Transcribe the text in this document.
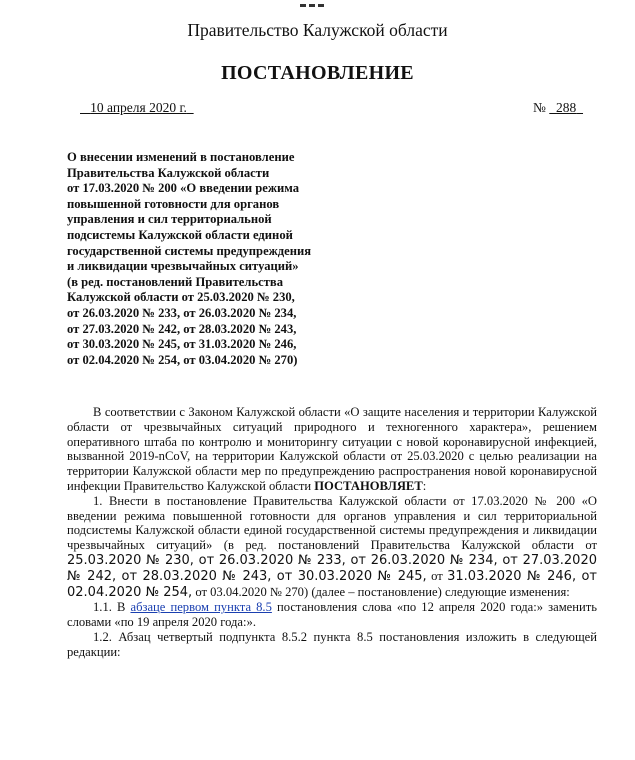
Правительство Калужской области
ПОСТАНОВЛЕНИЕ
10 апреля 2020 г.	№ 288

О внесении изменений в постановление

Правительства Калужской области

от 17.03.2020 № 200 «О введении режима

повышенной готовности для органов

управления и сил территориальной

подсистемы Калужской области единой

государственной системы предупреждения

и ликвидации чрезвычайных ситуаций»

(в ред. постановлений Правительства

Калужской области от 25.03.2020 № 230,

от 26.03.2020 № 233, от 26.03.2020 № 234,

от 27.03.2020 № 242, от 28.03.2020 № 243,

от 30.03.2020 № 245, от 31.03.2020 № 246,

от 02.04.2020 № 254, от 03.04.2020 № 270)

В соответствии с Законом Калужской области «О защите населения и территории Калужской области от чрезвычайных ситуаций природного и техногенного характера», решением оперативного штаба по контролю и мониторингу ситуации с новой коронавирусной инфекцией, вызванной 2019-nCoV, на территории Калужской области от 25.03.2020 с целью реализации на территории Калужской области мер по предупреждению распространения новой коронавирусной инфекции Правительство Калужской области ПОСТАНОВЛЯЕТ:

1. Внести в постановление Правительства Калужской области от 17.03.2020 № 200 «О введении режима повышенной готовности для органов управления и сил территориальной подсистемы Калужской области единой государственной системы предупреждения и ликвидации чрезвычайных ситуаций» (в ред. постановлений Правительства Калужской области от 25.03.2020 № 230, от 26.03.2020 № 233, от 26.03.2020 № 234, от 27.03.2020 № 242, от 28.03.2020 № 243, от 30.03.2020 № 245, от 31.03.2020 № 246, от 02.04.2020 № 254, от 03.04.2020 № 270) (далее – постановление) следующие изменения:

1.1. В абзаце первом пункта 8.5 постановления слова «по 12 апреля 2020 года:» заменить словами «по 19 апреля 2020 года:».

1.2. Абзац четвертый подпункта 8.5.2 пункта 8.5 постановления изложить в следующей редакции:
